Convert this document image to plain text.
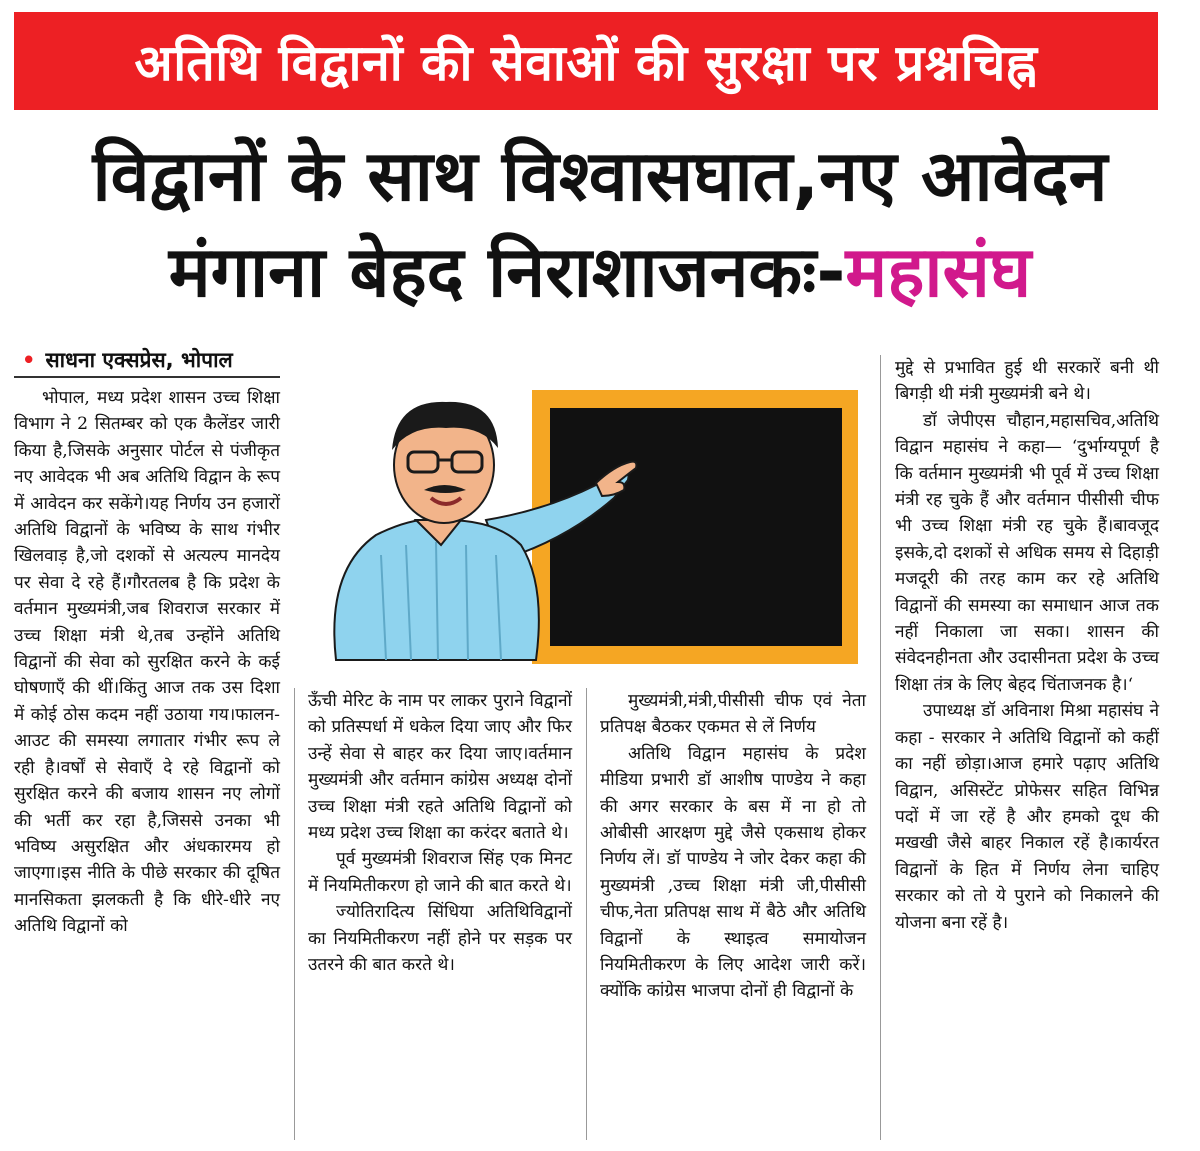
अतिथि विद्वानों की सेवाओं की सुरक्षा पर प्रश्नचिह्न
विद्वानों के साथ विश्वासघात,नए आवेदन
मंगाना बेहद निराशाजनकः-महासंघ
• साधना एक्सप्रेस, भोपाल

भोपाल, मध्य प्रदेश शासन उच्च शिक्षा विभाग ने 2 सितम्बर को एक कैलेंडर जारी किया है,जिसके अनुसार पोर्टल से पंजीकृत नए आवेदक भी अब अतिथि विद्वान के रूप में आवेदन कर सकेंगे।यह निर्णय उन हजारों अतिथि विद्वानों के भविष्य के साथ गंभीर खिलवाड़ है,जो दशकों से अत्यल्प मानदेय पर सेवा दे रहे हैं।गौरतलब है कि प्रदेश के वर्तमान मुख्यमंत्री,जब शिवराज सरकार में उच्च शिक्षा मंत्री थे,तब उन्होंने अतिथि विद्वानों की सेवा को सुरक्षित करने के कई घोषणाएँ की थीं।किंतु आज तक उस दिशा में कोई ठोस कदम नहीं उठाया गय।फालन-आउट की समस्या लगातार गंभीर रूप ले रही है।वर्षों से सेवाएँ दे रहे विद्वानों को सुरक्षित करने की बजाय शासन नए लोगों की भर्ती कर रहा है,जिससे उनका भी भविष्य असुरक्षित और अंधकारमय हो जाएगा।इस नीति के पीछे सरकार की दूषित मानसिकता झलकती है कि धीरे-धीरे नए अतिथि विद्वानों को

ऊँची मेरिट के नाम पर लाकर पुराने विद्वानों को प्रतिस्पर्धा में धकेल दिया जाए और फिर उन्हें सेवा से बाहर कर दिया जाए।वर्तमान मुख्यमंत्री और वर्तमान कांग्रेस अध्यक्ष दोनों उच्च शिक्षा मंत्री रहते अतिथि विद्वानों को मध्य प्रदेश उच्च शिक्षा का करंदर बताते थे।

पूर्व मुख्यमंत्री शिवराज सिंह एक मिनट में नियमितीकरण हो जाने की बात करते थे।

ज्योतिरादित्य सिंधिया अतिथिविद्वानों का नियमितीकरण नहीं होने पर सड़क पर उतरने की बात करते थे।

मुख्यमंत्री,मंत्री,पीसीसी चीफ एवं नेता प्रतिपक्ष बैठकर एकमत से लें निर्णय

अतिथि विद्वान महासंघ के प्रदेश मीडिया प्रभारी डॉ आशीष पाण्डेय ने कहा की अगर सरकार के बस में ना हो तो ओबीसी आरक्षण मुद्दे जैसे एकसाथ होकर निर्णय लें। डॉ पाण्डेय ने जोर देकर कहा की मुख्यमंत्री ,उच्च शिक्षा मंत्री जी,पीसीसी चीफ,नेता प्रतिपक्ष साथ में बैठे और अतिथि विद्वानों के स्थाइत्व समायोजन नियमितीकरण के लिए आदेश जारी करें।क्योंकि कांग्रेस भाजपा दोनों ही विद्वानों के

मुद्दे से प्रभावित हुई थी सरकारें बनी थी बिगड़ी थी मंत्री मुख्यमंत्री बने थे।

डॉ जेपीएस चौहान,महासचिव,अतिथि विद्वान महासंघ ने कहा— ‘दुर्भाग्यपूर्ण है कि वर्तमान मुख्यमंत्री भी पूर्व में उच्च शिक्षा मंत्री रह चुके हैं और वर्तमान पीसीसी चीफ भी उच्च शिक्षा मंत्री रह चुके हैं।बावजूद इसके,दो दशकों से अधिक समय से दिहाड़ी मजदूरी की तरह काम कर रहे अतिथि विद्वानों की समस्या का समाधान आज तक नहीं निकाला जा सका। शासन की संवेदनहीनता और उदासीनता प्रदेश के उच्च शिक्षा तंत्र के लिए बेहद चिंताजनक है।‘

उपाध्यक्ष डॉ अविनाश मिश्रा महासंघ ने कहा - सरकार ने अतिथि विद्वानों को कहीं का नहीं छोड़ा।आज हमारे पढ़ाए अतिथि विद्वान, असिस्टेंट प्रोफेसर सहित विभिन्न पदों में जा रहें है और हमको दूध की मखखी जैसे बाहर निकाल रहें है।कार्यरत विद्वानों के हित में निर्णय लेना चाहिए सरकार को तो ये पुराने को निकालने की योजना बना रहें है।
